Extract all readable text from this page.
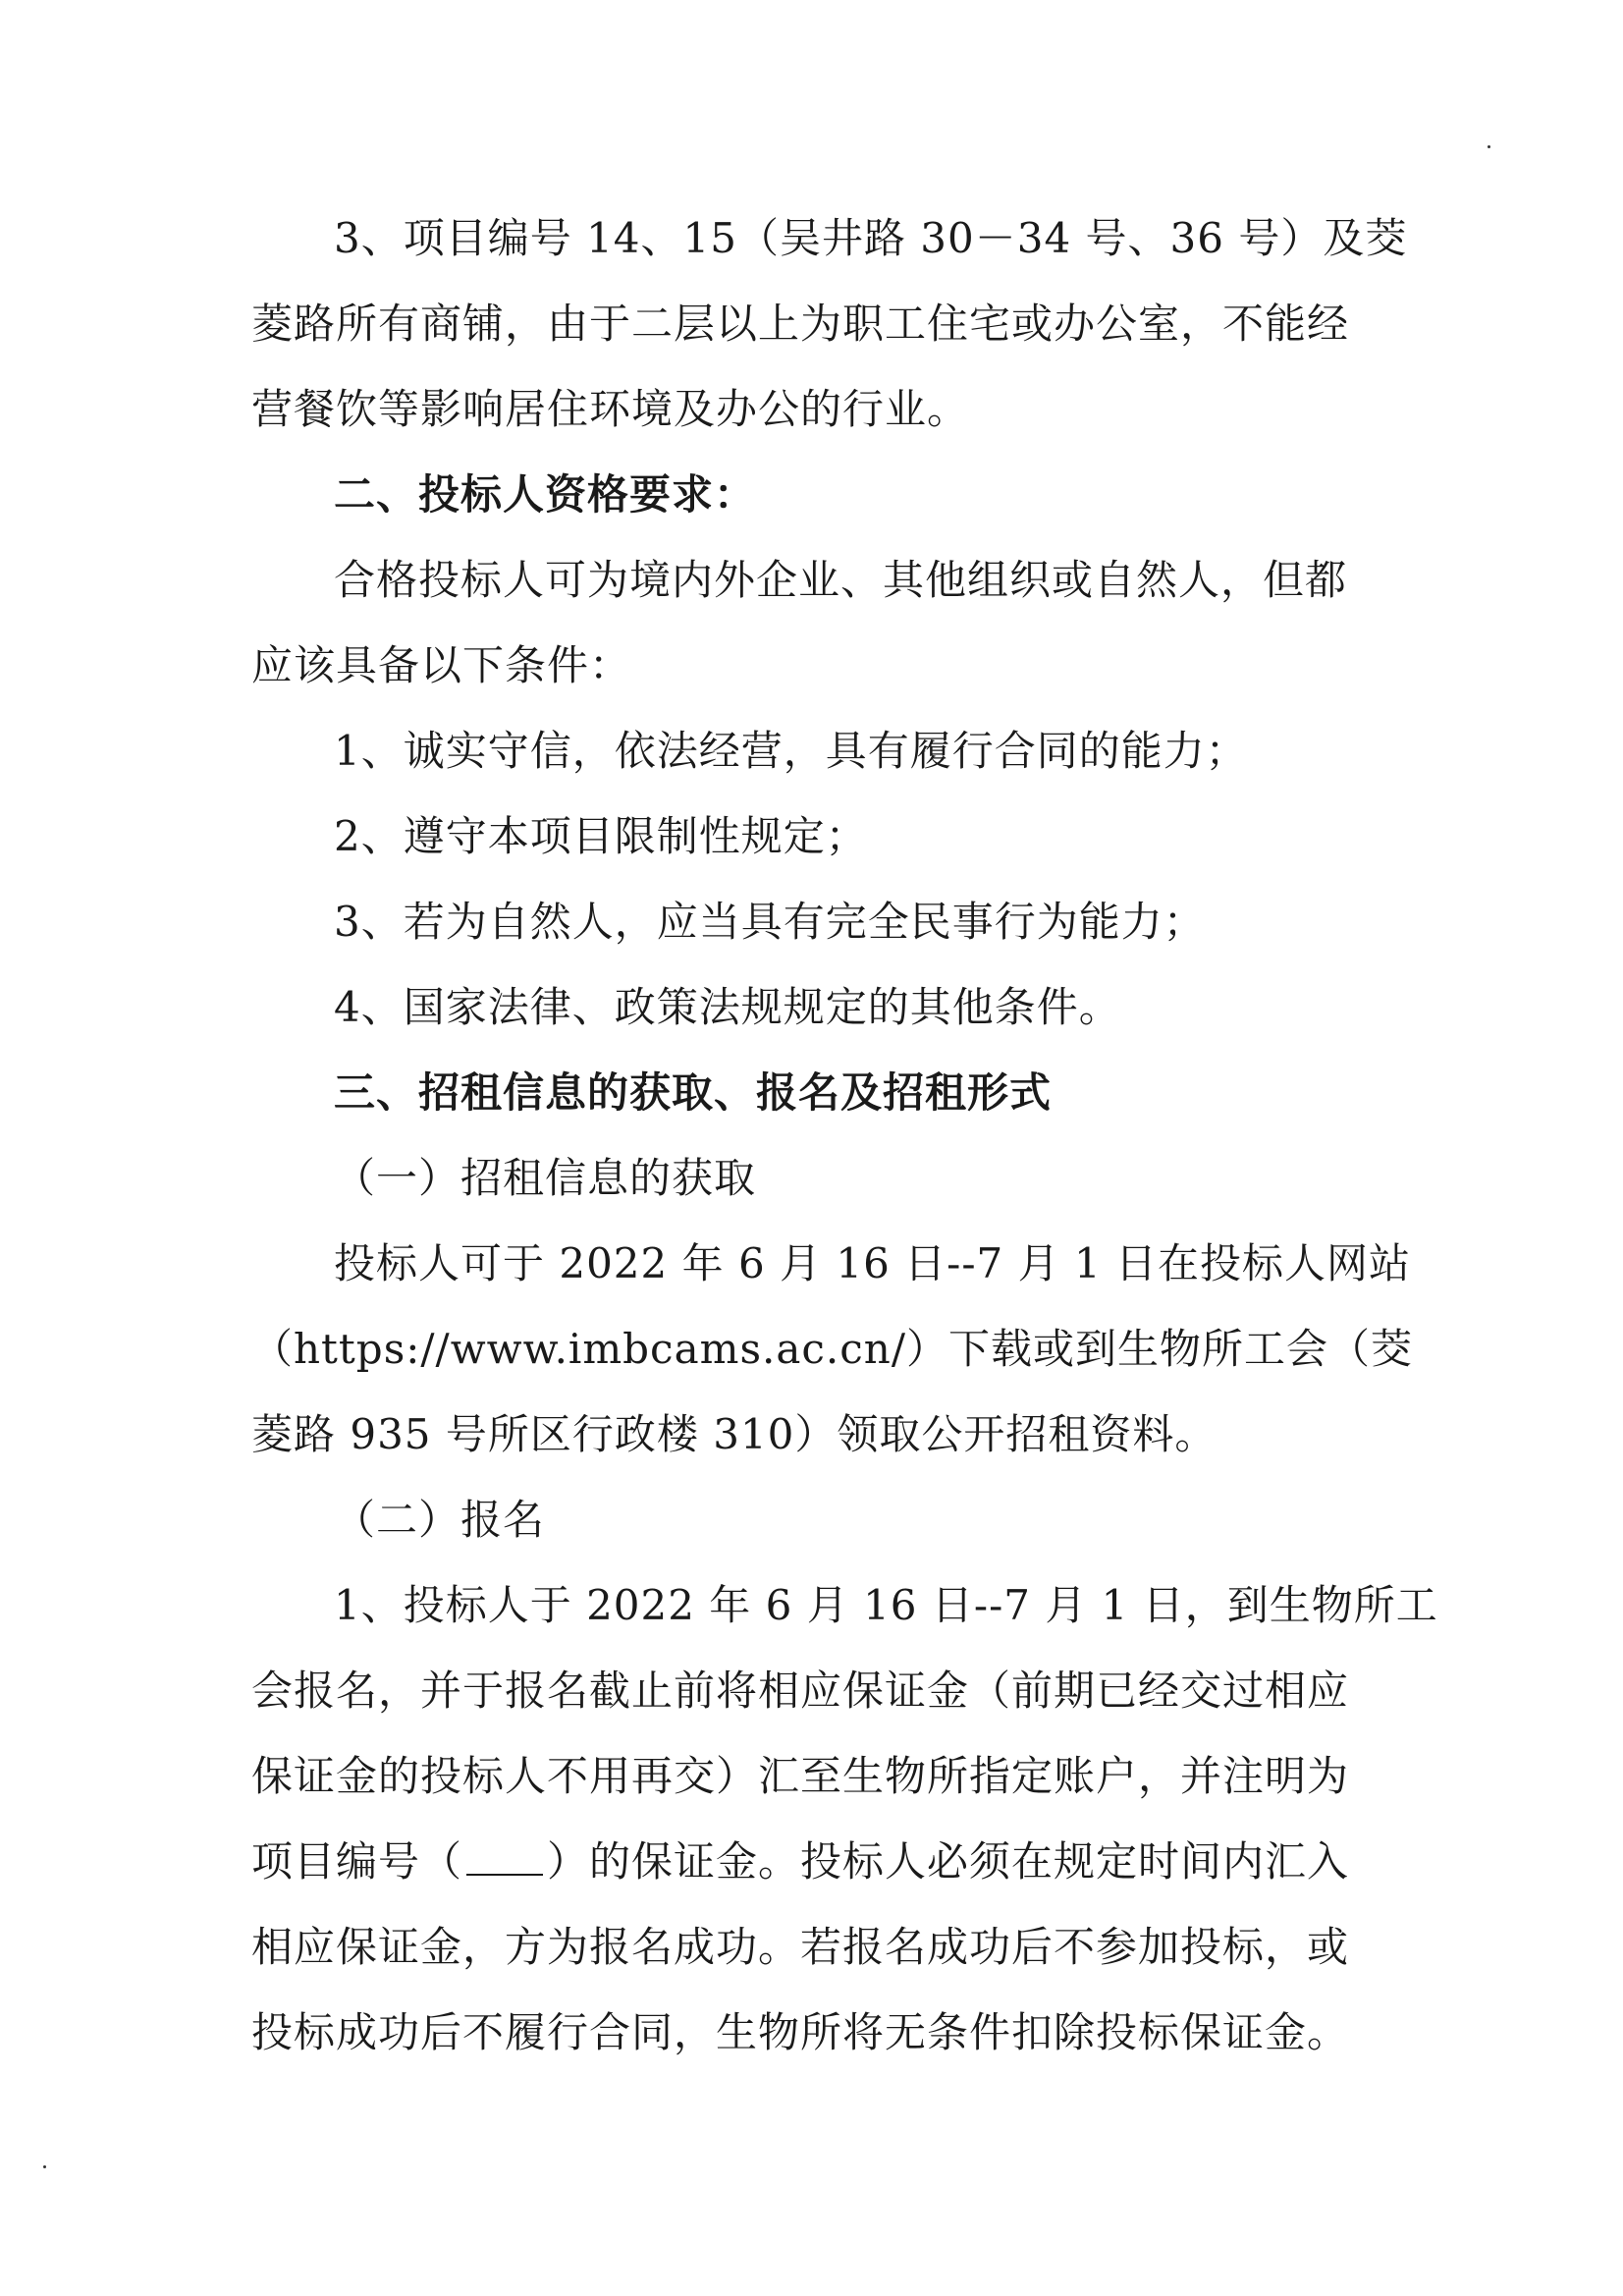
3、项目编号 14、15（吴井路 30－34 号、36 号）及茭
菱路所有商铺，由于二层以上为职工住宅或办公室，不能经
营餐饮等影响居住环境及办公的行业。
二、投标人资格要求：
合格投标人可为境内外企业、其他组织或自然人，但都
应该具备以下条件：
1、诚实守信，依法经营，具有履行合同的能力；
2、遵守本项目限制性规定；
3、若为自然人，应当具有完全民事行为能力；
4、国家法律、政策法规规定的其他条件。
三、招租信息的获取、报名及招租形式
（一）招租信息的获取
投标人可于 2022 年 6 月 16 日--7 月 1 日在投标人网站
（https://www.imbcams.ac.cn/）下载或到生物所工会（茭
菱路 935 号所区行政楼 310）领取公开招租资料。
（二）报名
1、投标人于 2022 年 6 月 16 日--7 月 1 日，到生物所工
会报名，并于报名截止前将相应保证金（前期已经交过相应
保证金的投标人不用再交）汇至生物所指定账户，并注明为
项目编号（ ）的保证金。投标人必须在规定时间内汇入
相应保证金，方为报名成功。若报名成功后不参加投标，或
投标成功后不履行合同，生物所将无条件扣除投标保证金。
